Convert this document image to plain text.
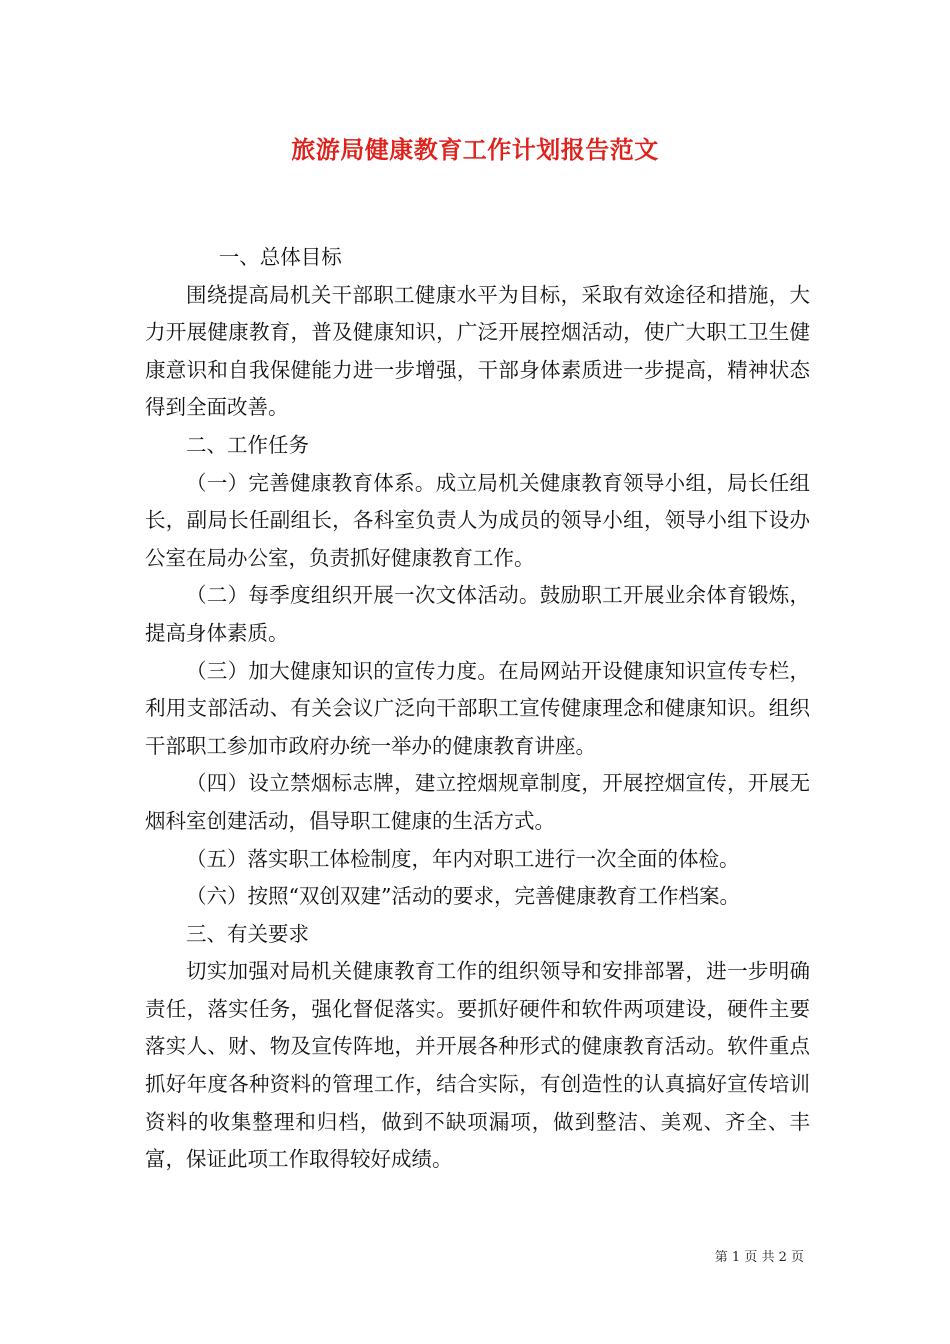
旅游局健康教育工作计划报告范文

一、总体目标

围绕提高局机关干部职工健康水平为目标，采取有效途径和措施，大力开展健康教育，普及健康知识，广泛开展控烟活动，使广大职工卫生健康意识和自我保健能力进一步增强，干部身体素质进一步提高，精神状态得到全面改善。

二、工作任务

（一）完善健康教育体系。成立局机关健康教育领导小组，局长任组长，副局长任副组长，各科室负责人为成员的领导小组，领导小组下设办公室在局办公室，负责抓好健康教育工作。

（二）每季度组织开展一次文体活动。鼓励职工开展业余体育锻炼，提高身体素质。

（三）加大健康知识的宣传力度。在局网站开设健康知识宣传专栏，利用支部活动、有关会议广泛向干部职工宣传健康理念和健康知识。组织干部职工参加市政府办统一举办的健康教育讲座。

（四）设立禁烟标志牌，建立控烟规章制度，开展控烟宣传，开展无烟科室创建活动，倡导职工健康的生活方式。

（五）落实职工体检制度，年内对职工进行一次全面的体检。

（六）按照“双创双建”活动的要求，完善健康教育工作档案。

三、有关要求

切实加强对局机关健康教育工作的组织领导和安排部署，进一步明确责任，落实任务，强化督促落实。要抓好硬件和软件两项建设，硬件主要落实人、财、物及宣传阵地，并开展各种形式的健康教育活动。软件重点抓好年度各种资料的管理工作，结合实际，有创造性的认真搞好宣传培训资料的收集整理和归档，做到不缺项漏项，做到整洁、美观、齐全、丰富，保证此项工作取得较好成绩。

第 1 页 共 2 页
